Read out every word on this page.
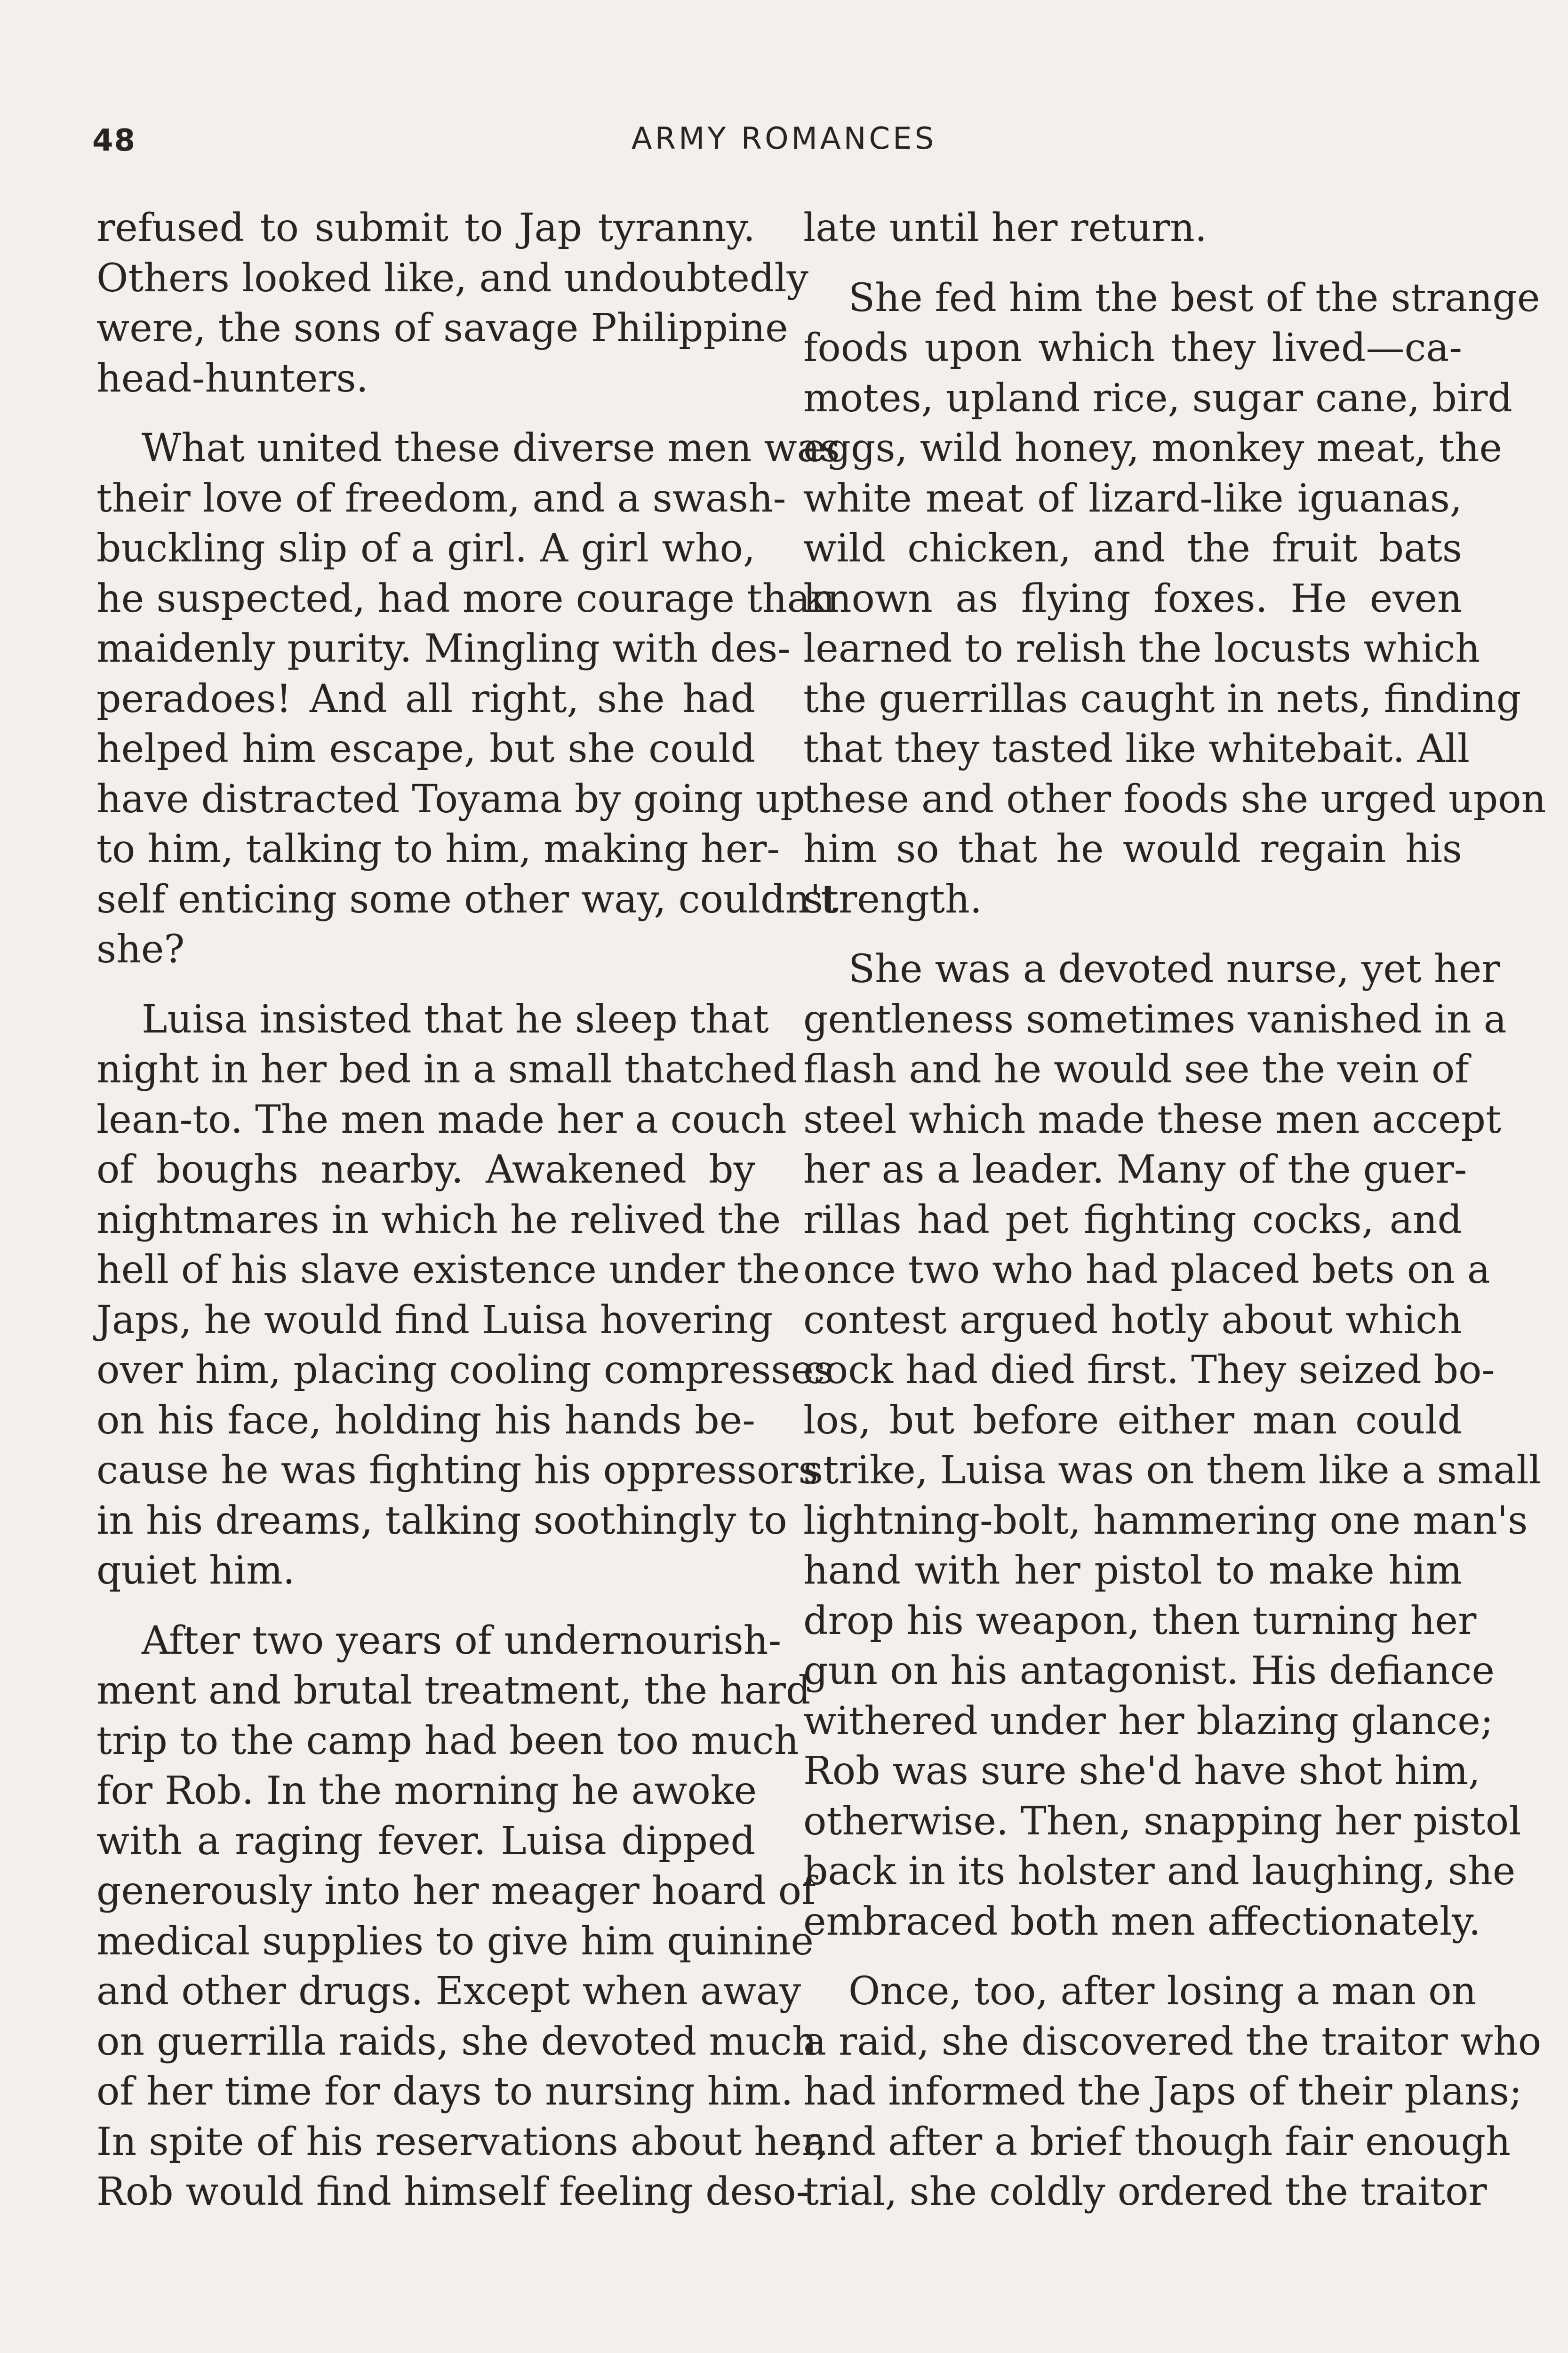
48	ARMY ROMANCES
refused to submit to Jap tyranny.
Others looked like, and undoubtedly
were, the sons of savage Philippine
head-hunters.
What united these diverse men was
their love of freedom, and a swash-
buckling slip of a girl. A girl who,
he suspected, had more courage than
maidenly purity. Mingling with des-
peradoes! And all right, she had
helped him escape, but she could
have distracted Toyama by going up
to him, talking to him, making her-
self enticing some other way, couldn't
she?
Luisa insisted that he sleep that
night in her bed in a small thatched
lean-to. The men made her a couch
of boughs nearby. Awakened by
nightmares in which he relived the
hell of his slave existence under the
Japs, he would find Luisa hovering
over him, placing cooling compresses
on his face, holding his hands be-
cause he was fighting his oppressors
in his dreams, talking soothingly to
quiet him.
After two years of undernourish-
ment and brutal treatment, the hard
trip to the camp had been too much
for Rob. In the morning he awoke
with a raging fever. Luisa dipped
generously into her meager hoard of
medical supplies to give him quinine
and other drugs. Except when away
on guerrilla raids, she devoted much
of her time for days to nursing him.
In spite of his reservations about her,
Rob would find himself feeling deso-
late until her return.
She fed him the best of the strange
foods upon which they lived—ca-
motes, upland rice, sugar cane, bird
eggs, wild honey, monkey meat, the
white meat of lizard-like iguanas,
wild chicken, and the fruit bats
known as flying foxes. He even
learned to relish the locusts which
the guerrillas caught in nets, finding
that they tasted like whitebait. All
these and other foods she urged upon
him so that he would regain his
strength.
She was a devoted nurse, yet her
gentleness sometimes vanished in a
flash and he would see the vein of
steel which made these men accept
her as a leader. Many of the guer-
rillas had pet fighting cocks, and
once two who had placed bets on a
contest argued hotly about which
cock had died first. They seized bo-
los, but before either man could
strike, Luisa was on them like a small
lightning-bolt, hammering one man's
hand with her pistol to make him
drop his weapon, then turning her
gun on his antagonist. His defiance
withered under her blazing glance;
Rob was sure she'd have shot him,
otherwise. Then, snapping her pistol
back in its holster and laughing, she
embraced both men affectionately.
Once, too, after losing a man on
a raid, she discovered the traitor who
had informed the Japs of their plans;
and after a brief though fair enough
trial, she coldly ordered the traitor
